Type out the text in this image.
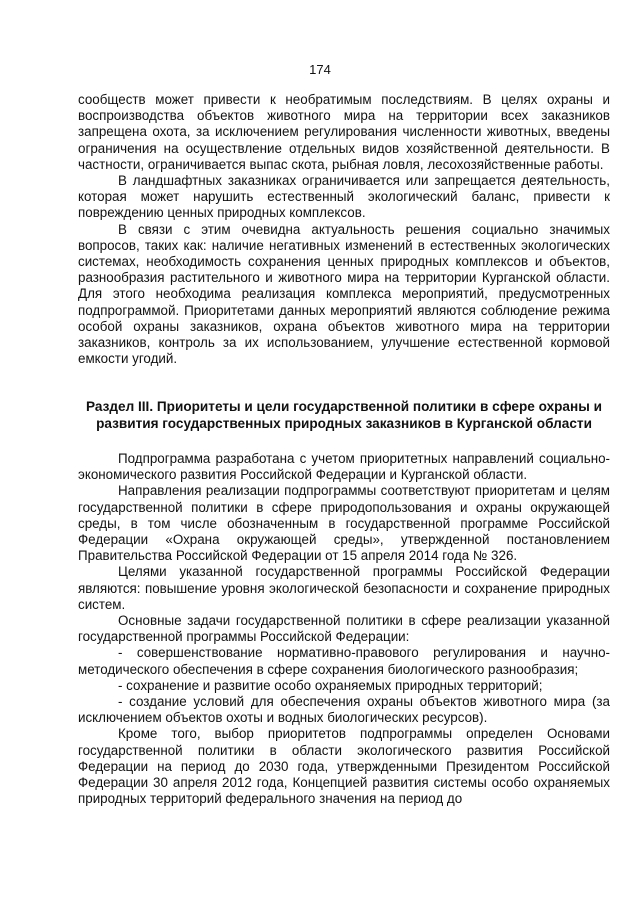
174

сообществ может привести к необратимым последствиям. В целях охраны и воспроизводства объектов животного мира на территории всех заказников запрещена охота, за исключением регулирования численности животных, введены ограничения на осуществление отдельных видов хозяйственной деятельности. В частности, ограничивается выпас скота, рыбная ловля, лесохозяйственные работы.

В ландшафтных заказниках ограничивается или запрещается деятельность, которая может нарушить естественный экологический баланс, привести к повреждению ценных природных комплексов.

В связи с этим очевидна актуальность решения социально значимых вопросов, таких как: наличие негативных изменений в естественных экологических системах, необходимость сохранения ценных природных комплексов и объектов, разнообразия растительного и животного мира на территории Курганской области. Для этого необходима реализация комплекса мероприятий, предусмотренных подпрограммой. Приоритетами данных мероприятий являются соблюдение режима особой охраны заказников, охрана объектов животного мира на территории заказников, контроль за их использованием, улучшение естественной кормовой емкости угодий.

Раздел III. Приоритеты и цели государственной политики в сфере охраны и развития государственных природных заказников в Курганской области

Подпрограмма разработана с учетом приоритетных направлений социально-экономического развития Российской Федерации и Курганской области.

Направления реализации подпрограммы соответствуют приоритетам и целям государственной политики в сфере природопользования и охраны окружающей среды, в том числе обозначенным в государственной программе Российской Федерации «Охрана окружающей среды», утвержденной постановлением Правительства Российской Федерации от 15 апреля 2014 года № 326.

Целями указанной государственной программы Российской Федерации являются: повышение уровня экологической безопасности и сохранение природных систем.

Основные задачи государственной политики в сфере реализации указанной государственной программы Российской Федерации:

- совершенствование нормативно-правового регулирования и научно-методического обеспечения в сфере сохранения биологического разнообразия;

- сохранение и развитие особо охраняемых природных территорий;

- создание условий для обеспечения охраны объектов животного мира (за исключением объектов охоты и водных биологических ресурсов).

Кроме того, выбор приоритетов подпрограммы определен Основами государственной политики в области экологического развития Российской Федерации на период до 2030 года, утвержденными Президентом Российской Федерации 30 апреля 2012 года, Концепцией развития системы особо охраняемых природных территорий федерального значения на период до
